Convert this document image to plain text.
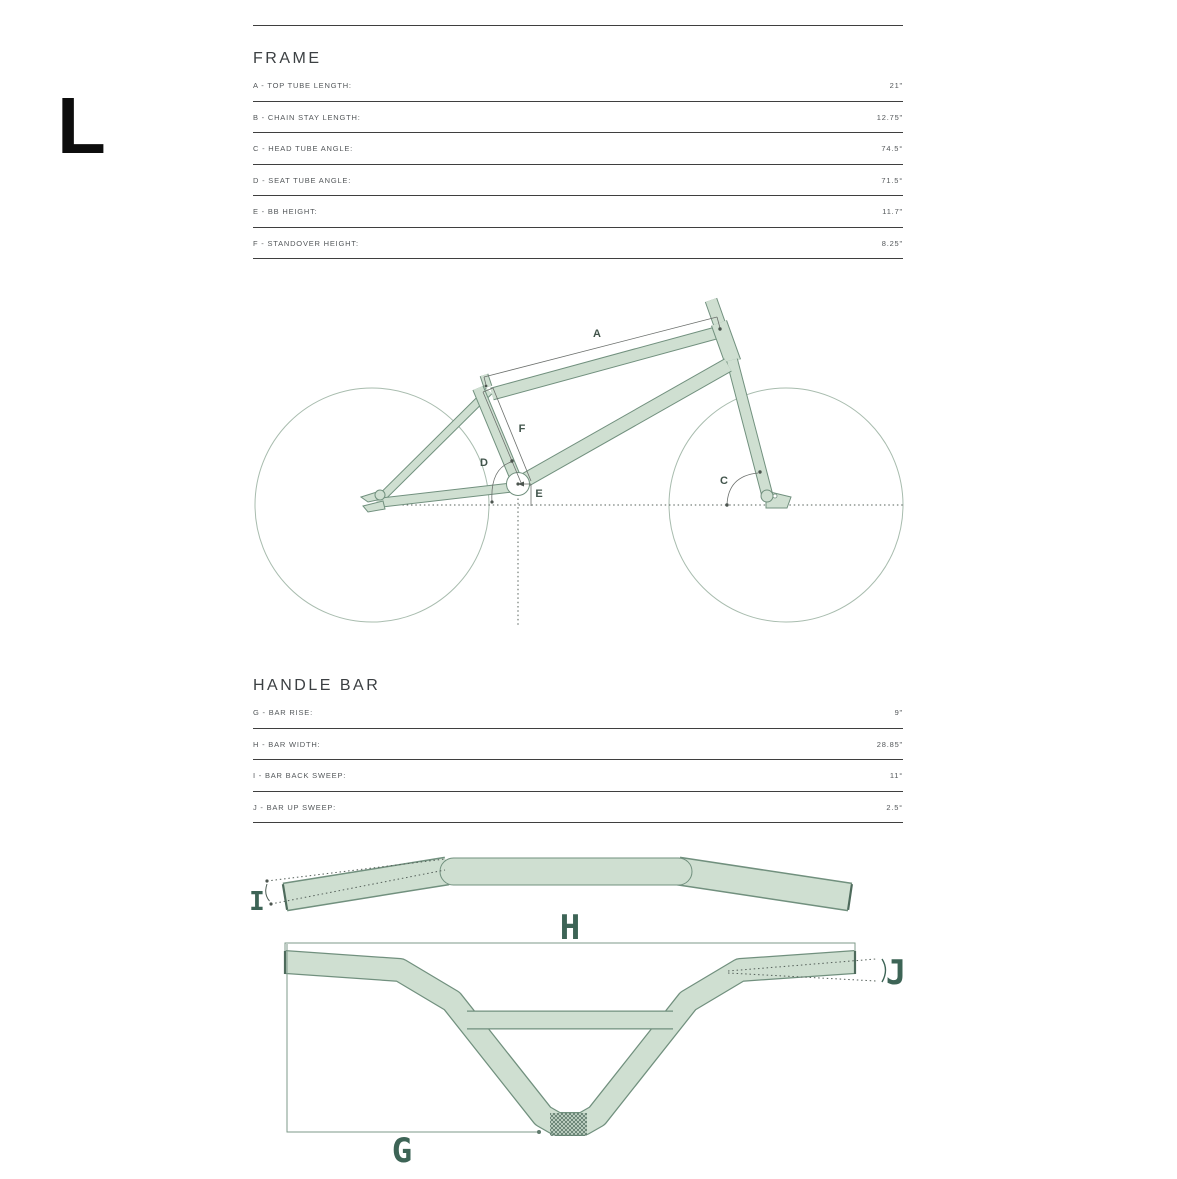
L
FRAME
A - TOP TUBE LENGTH:	21"
B - CHAIN STAY LENGTH:	12.75"
C - HEAD TUBE ANGLE:	74.5°
D - SEAT TUBE ANGLE:	71.5°
E - BB HEIGHT:	11.7"
F - STANDOVER HEIGHT:	8.25"
A
F
D
E
C
HANDLE BAR
G - BAR RISE:	9"
H - BAR WIDTH:	28.85"
I - BAR BACK SWEEP:	11°
J - BAR UP SWEEP:	2.5°
I
H
J
G
